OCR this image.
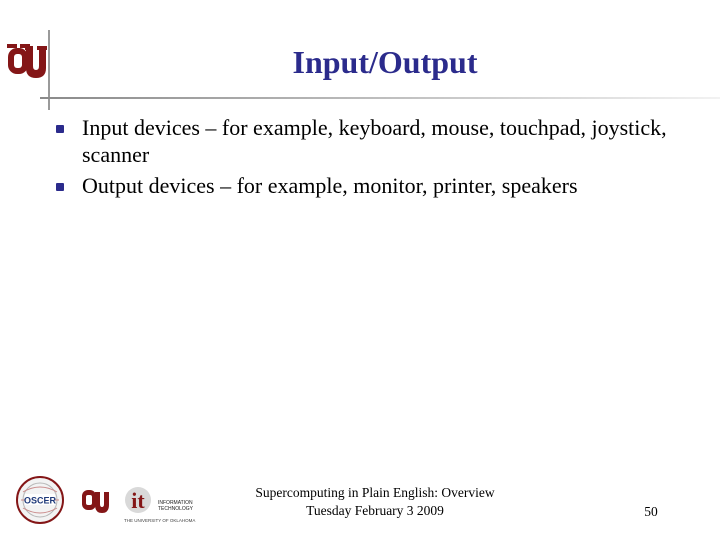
Input/Output
Input devices – for example, keyboard, mouse, touchpad, joystick, scanner
Output devices – for example, monitor, printer, speakers
OSCER	it	INFORMATION
TECHNOLOGY
THE UNIVERSITY OF OKLAHOMA
Supercomputing in Plain English: Overview
Tuesday February 3 2009	50
